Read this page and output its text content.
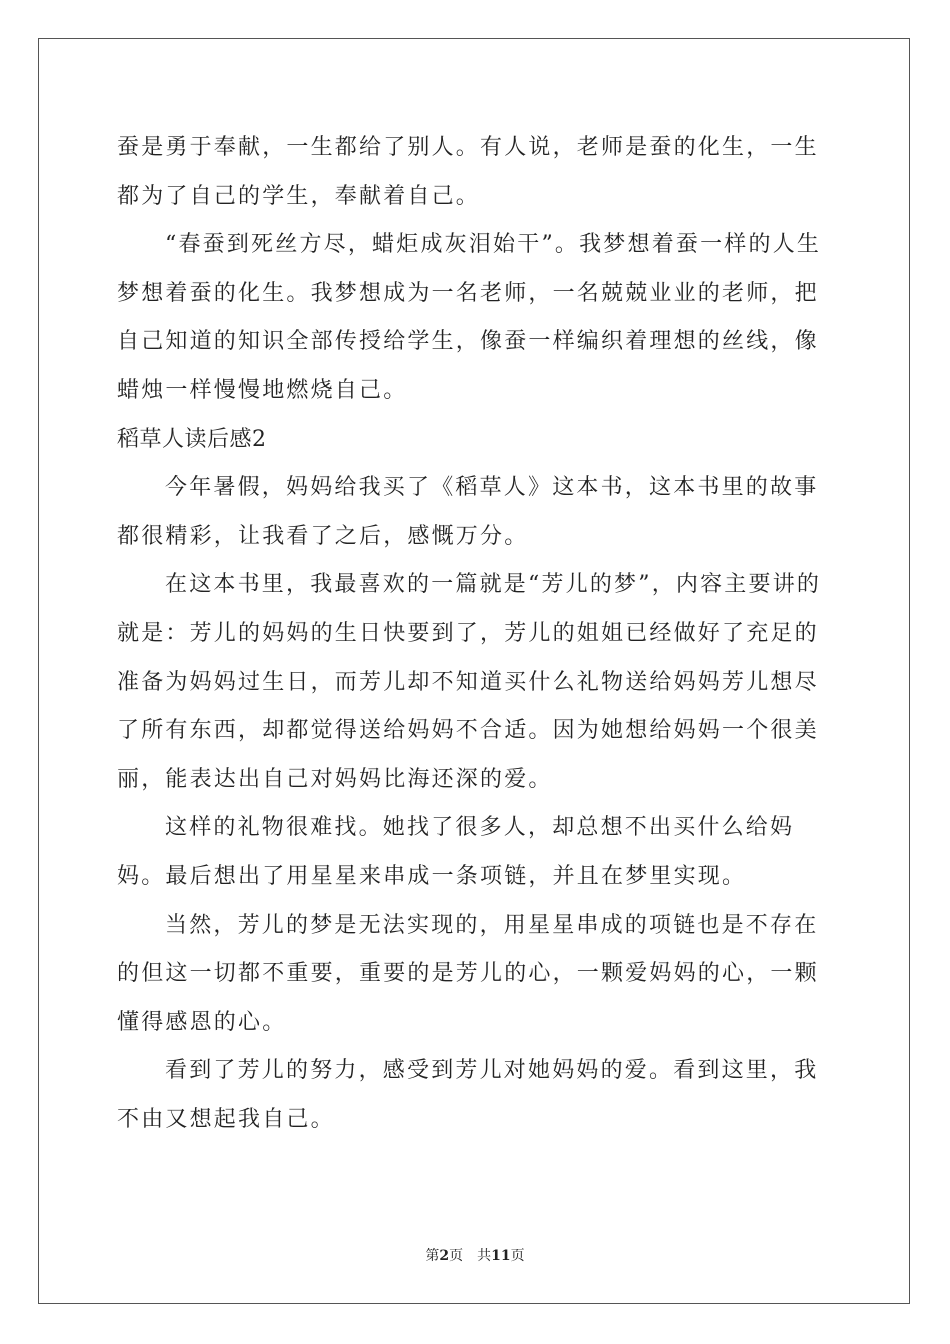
蚕是勇于奉献，一生都给了别人。有人说，老师是蚕的化生，一生都为了自己的学生，奉献着自己。

“春蚕到死丝方尽，蜡炬成灰泪始干”。我梦想着蚕一样的人生梦想着蚕的化生。我梦想成为一名老师，一名兢兢业业的老师，把自己知道的知识全部传授给学生，像蚕一样编织着理想的丝线，像蜡烛一样慢慢地燃烧自己。

稻草人读后感2

今年暑假，妈妈给我买了《稻草人》这本书，这本书里的故事都很精彩，让我看了之后，感慨万分。

在这本书里，我最喜欢的一篇就是“芳儿的梦”，内容主要讲的就是：芳儿的妈妈的生日快要到了，芳儿的姐姐已经做好了充足的准备为妈妈过生日，而芳儿却不知道买什么礼物送给妈妈芳儿想尽了所有东西，却都觉得送给妈妈不合适。因为她想给妈妈一个很美丽，能表达出自己对妈妈比海还深的爱。

这样的礼物很难找。她找了很多人，却总想不出买什么给妈妈。最后想出了用星星来串成一条项链，并且在梦里实现。

当然，芳儿的梦是无法实现的，用星星串成的项链也是不存在的但这一切都不重要，重要的是芳儿的心，一颗爱妈妈的心，一颗懂得感恩的心。

看到了芳儿的努力，感受到芳儿对她妈妈的爱。看到这里，我不由又想起我自己。

第2页 共11页
